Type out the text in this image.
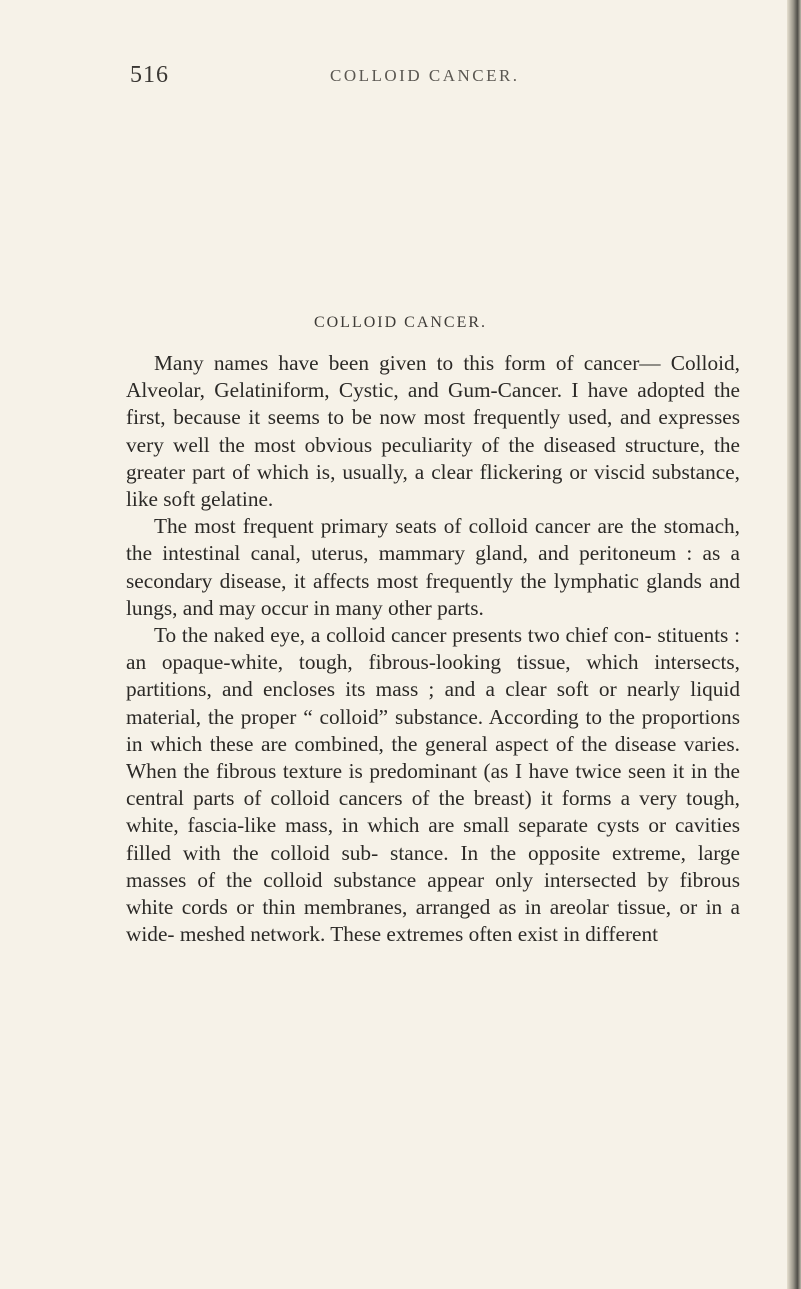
516	COLLOID CANCER.
COLLOID CANCER.

Many names have been given to this form of cancer— Colloid, Alveolar, Gelatiniform, Cystic, and Gum-Cancer. I have adopted the first, because it seems to be now most frequently used, and expresses very well the most obvious peculiarity of the diseased structure, the greater part of which is, usually, a clear flickering or viscid substance, like soft gelatine.

The most frequent primary seats of colloid cancer are the stomach, the intestinal canal, uterus, mammary gland, and peritoneum : as a secondary disease, it affects most frequently the lymphatic glands and lungs, and may occur in many other parts.

To the naked eye, a colloid cancer presents two chief con- stituents : an opaque-white, tough, fibrous-looking tissue, which intersects, partitions, and encloses its mass ; and a clear soft or nearly liquid material, the proper “ colloid” substance. According to the proportions in which these are combined, the general aspect of the disease varies. When the fibrous texture is predominant (as I have twice seen it in the central parts of colloid cancers of the breast) it forms a very tough, white, fascia-like mass, in which are small separate cysts or cavities filled with the colloid sub- stance. In the opposite extreme, large masses of the colloid substance appear only intersected by fibrous white cords or thin membranes, arranged as in areolar tissue, or in a wide- meshed network. These extremes often exist in different
